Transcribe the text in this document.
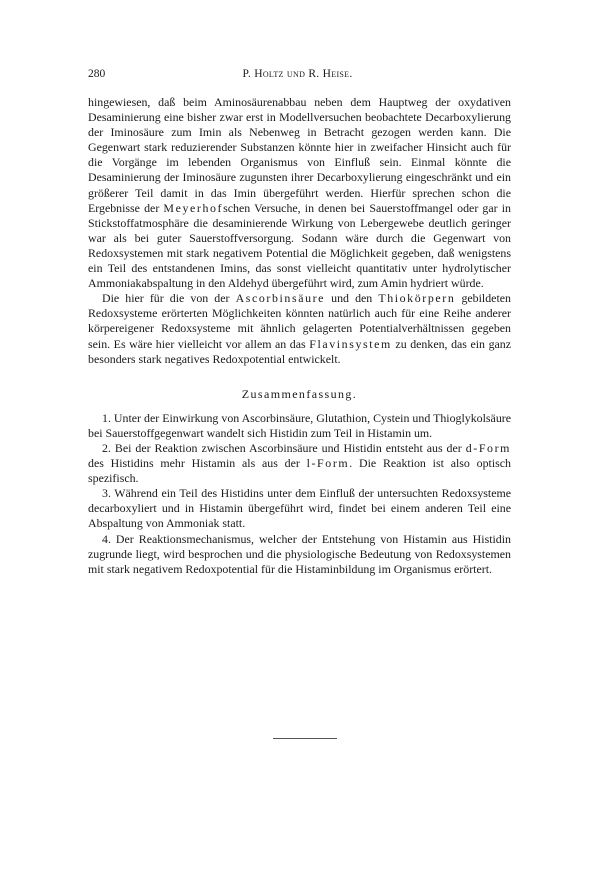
280	P. Holtz und R. Heise.

hingewiesen, daß beim Aminosäurenabbau neben dem Hauptweg der oxydativen Desaminierung eine bisher zwar erst in Modellversuchen beobachtete Decarboxylierung der Iminosäure zum Imin als Nebenweg in Betracht gezogen werden kann. Die Gegenwart stark reduzierender Substanzen könnte hier in zweifacher Hinsicht auch für die Vorgänge im lebenden Organismus von Einfluß sein. Einmal könnte die Desaminierung der Iminosäure zugunsten ihrer Decarboxylierung eingeschränkt und ein größerer Teil damit in das Imin übergeführt werden. Hierfür sprechen schon die Ergebnisse der Meyerhofschen Versuche, in denen bei Sauerstoffmangel oder gar in Stickstoffatmosphäre die desaminierende Wirkung von Lebergewebe deutlich geringer war als bei guter Sauerstoffversorgung. Sodann wäre durch die Gegenwart von Redoxsystemen mit stark negativem Potential die Möglichkeit gegeben, daß wenigstens ein Teil des entstandenen Imins, das sonst vielleicht quantitativ unter hydrolytischer Ammoniakabspaltung in den Aldehyd übergeführt wird, zum Amin hydriert würde.

Die hier für die von der Ascorbinsäure und den Thiokörpern gebildeten Redoxsysteme erörterten Möglichkeiten könnten natürlich auch für eine Reihe anderer körpereigener Redoxsysteme mit ähnlich gelagerten Potentialverhältnissen gegeben sein. Es wäre hier vielleicht vor allem an das Flavinsystem zu denken, das ein ganz besonders stark negatives Redoxpotential entwickelt.

Zusammenfassung.

1. Unter der Einwirkung von Ascorbinsäure, Glutathion, Cystein und Thioglykolsäure bei Sauerstoffgegenwart wandelt sich Histidin zum Teil in Histamin um.

2. Bei der Reaktion zwischen Ascorbinsäure und Histidin entsteht aus der d-Form des Histidins mehr Histamin als aus der l-Form. Die Reaktion ist also optisch spezifisch.

3. Während ein Teil des Histidins unter dem Einfluß der untersuchten Redoxsysteme decarboxyliert und in Histamin übergeführt wird, findet bei einem anderen Teil eine Abspaltung von Ammoniak statt.

4. Der Reaktionsmechanismus, welcher der Entstehung von Histamin aus Histidin zugrunde liegt, wird besprochen und die physiologische Bedeutung von Redoxsystemen mit stark negativem Redoxpotential für die Histaminbildung im Organismus erörtert.
